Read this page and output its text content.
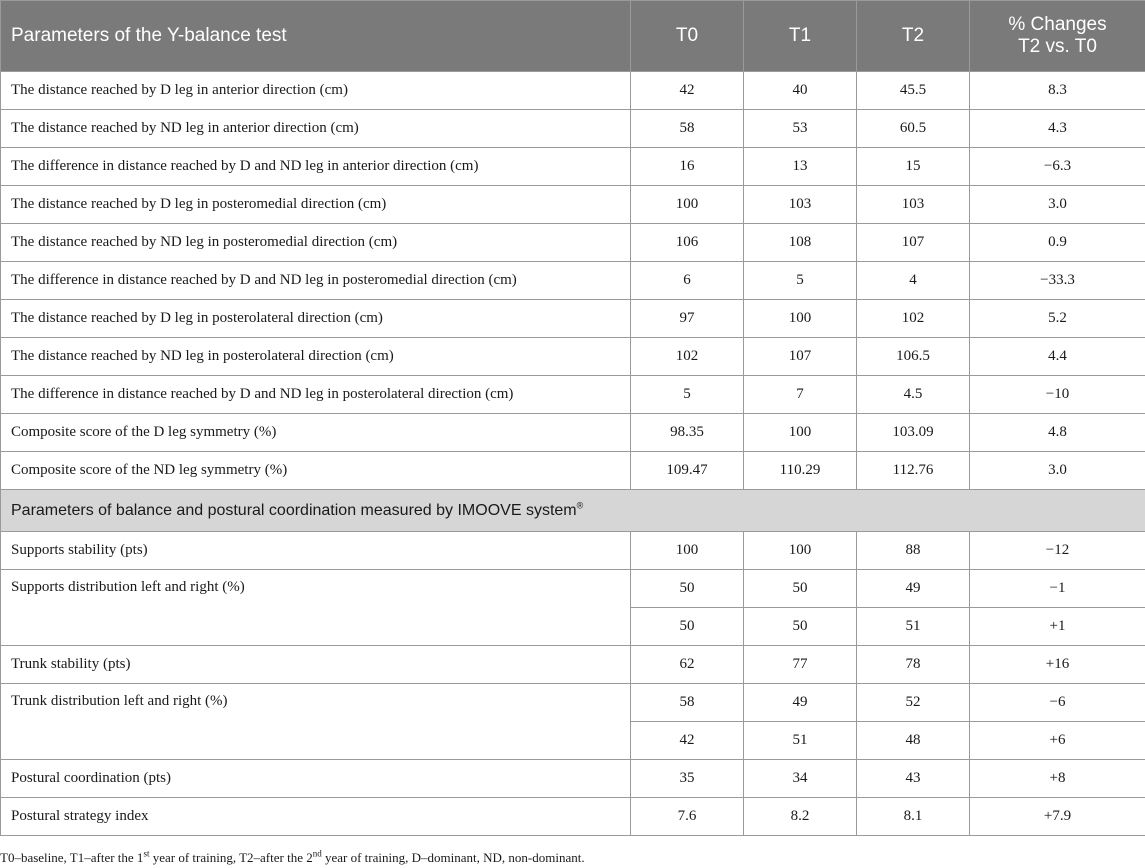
Parameters of the Y-balance test	T0	T1	T2	% Changes
T2 vs. T0
The distance reached by D leg in anterior direction (cm)	42	40	45.5	8.3
The distance reached by ND leg in anterior direction (cm)	58	53	60.5	4.3
The difference in distance reached by D and ND leg in anterior direction (cm)	16	13	15	−6.3
The distance reached by D leg in posteromedial direction (cm)	100	103	103	3.0
The distance reached by ND leg in posteromedial direction (cm)	106	108	107	0.9
The difference in distance reached by D and ND leg in posteromedial direction (cm)	6	5	4	−33.3
The distance reached by D leg in posterolateral direction (cm)	97	100	102	5.2
The distance reached by ND leg in posterolateral direction (cm)	102	107	106.5	4.4
The difference in distance reached by D and ND leg in posterolateral direction (cm)	5	7	4.5	−10
Composite score of the D leg symmetry (%)	98.35	100	103.09	4.8
Composite score of the ND leg symmetry (%)	109.47	110.29	112.76	3.0
Parameters of balance and postural coordination measured by IMOOVE system®
Supports stability (pts)	100	100	88	−12
Supports distribution left and right (%)	50	50	49	−1
	50	50	51	+1
Trunk stability (pts)	62	77	78	+16
Trunk distribution left and right (%)	58	49	52	−6
	42	51	48	+6
Postural coordination (pts)	35	34	43	+8
Postural strategy index	7.6	8.2	8.1	+7.9
T0–baseline, T1–after the 1st year of training, T2–after the 2nd year of training, D–dominant, ND, non-dominant.
